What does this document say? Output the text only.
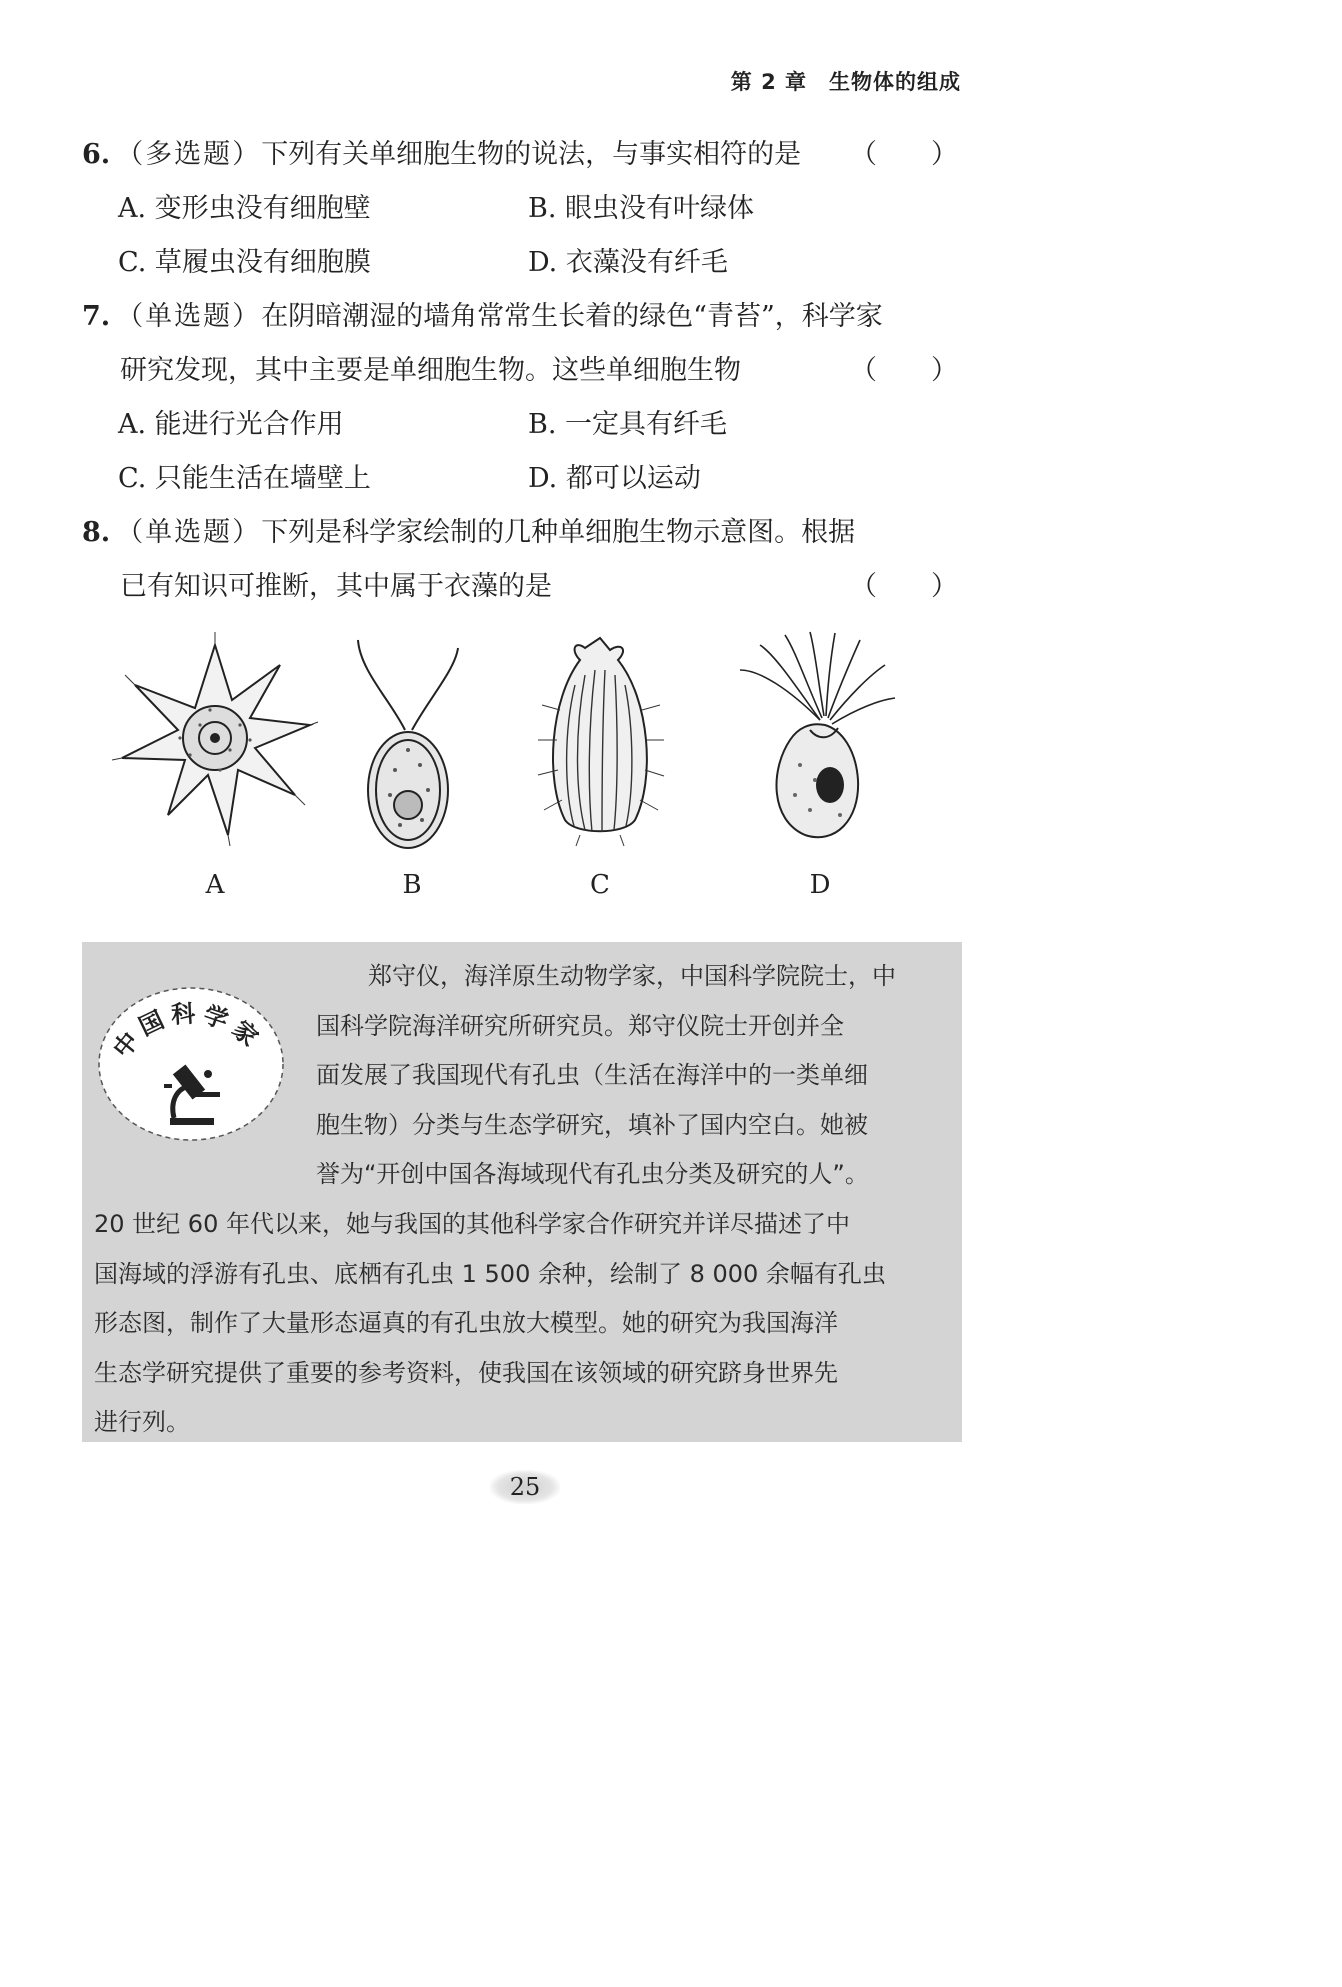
第 2 章 生物体的组成
6. （多选题）下列有关单细胞生物的说法，与事实相符的是 （　　）
A. 变形虫没有细胞壁	B. 眼虫没有叶绿体
C. 草履虫没有细胞膜	D. 衣藻没有纤毛
7. （单选题）在阴暗潮湿的墙角常常生长着的绿色“青苔”，科学家
研究发现，其中主要是单细胞生物。这些单细胞生物	（　　）
A. 能进行光合作用	B. 一定具有纤毛
C. 只能生活在墙壁上	D. 都可以运动
8. （单选题）下列是科学家绘制的几种单细胞生物示意图。根据
已有知识可推断，其中属于衣藻的是	（　　）
A	B	C	D
中国科学家
郑守仪，海洋原生动物学家，中国科学院院士，中
国科学院海洋研究所研究员。郑守仪院士开创并全
面发展了我国现代有孔虫（生活在海洋中的一类单细
胞生物）分类与生态学研究，填补了国内空白。她被
誉为“开创中国各海域现代有孔虫分类及研究的人”。
20 世纪 60 年代以来，她与我国的其他科学家合作研究并详尽描述了中
国海域的浮游有孔虫、底栖有孔虫 1 500 余种，绘制了 8 000 余幅有孔虫
形态图，制作了大量形态逼真的有孔虫放大模型。她的研究为我国海洋
生态学研究提供了重要的参考资料，使我国在该领域的研究跻身世界先
进行列。
25
